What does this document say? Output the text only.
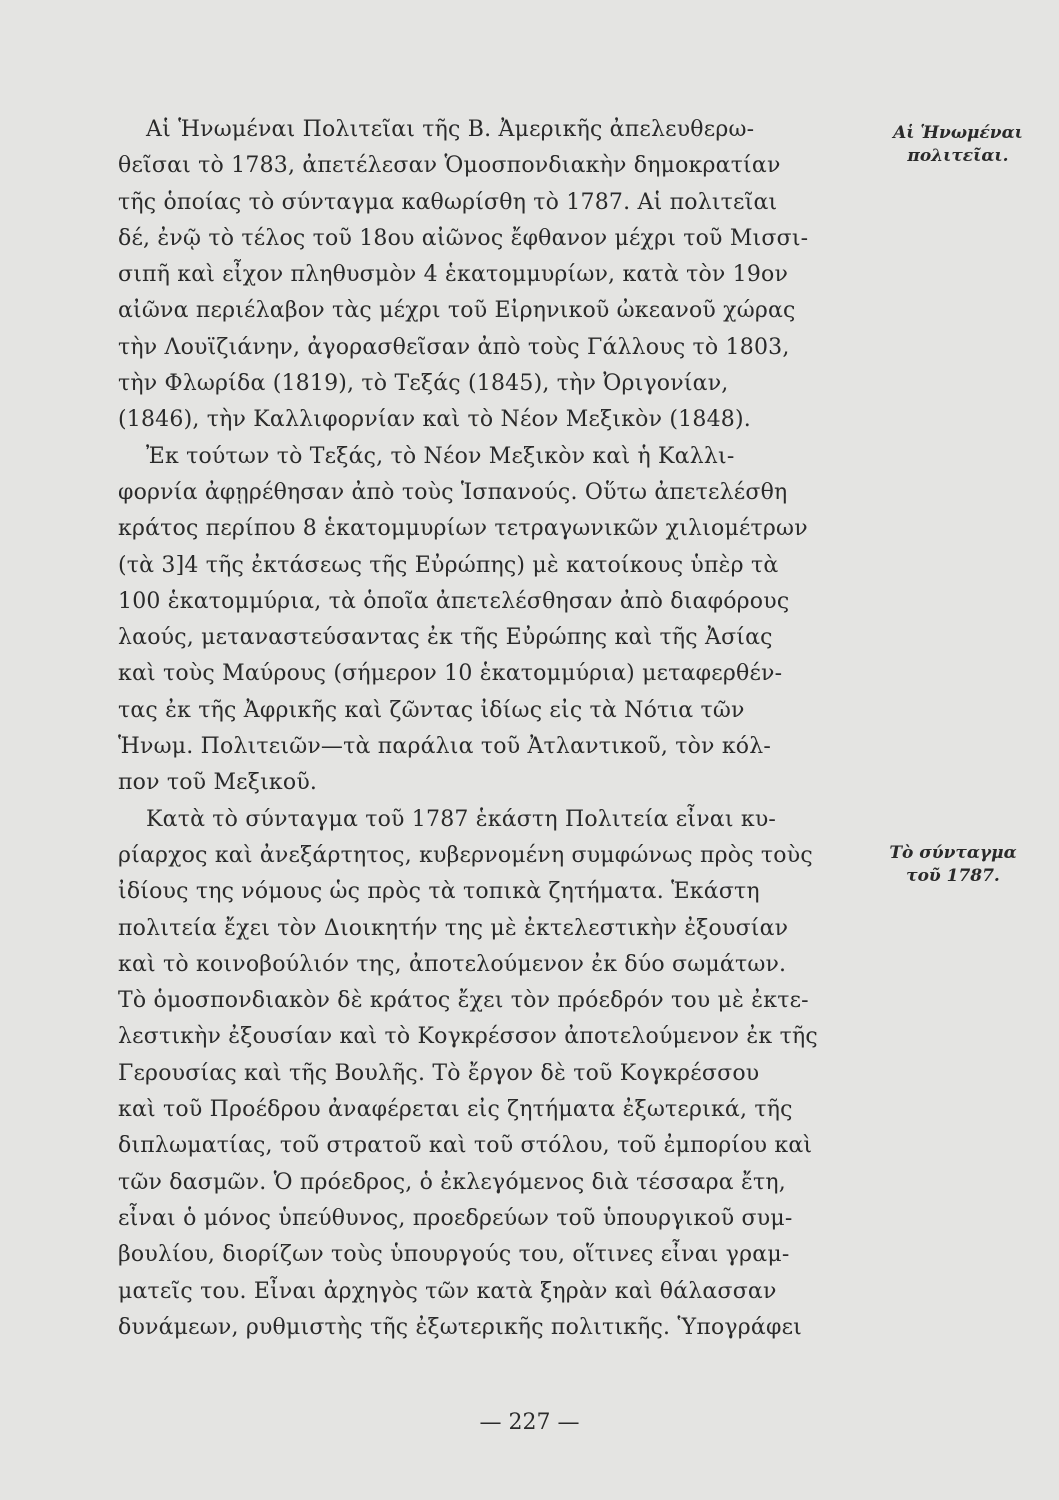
Αἱ Ἡνωμέναι Πολιτεῖαι τῆς Β. Ἀμερικῆς ἀπελευθερω-
θεῖσαι τὸ 1783, ἀπετέλεσαν Ὁμοσπονδιακὴν δημοκρατίαν
τῆς ὁποίας τὸ σύνταγμα καθωρίσθη τὸ 1787. Αἱ πολιτεῖαι
δέ, ἐνῷ τὸ τέλος τοῦ 18ου αἰῶνος ἔφθανον μέχρι τοῦ Μισσι-
σιπῆ καὶ εἶχον πληθυσμὸν 4 ἑκατομμυρίων, κατὰ τὸν 19ον
αἰῶνα περιέλαβον τὰς μέχρι τοῦ Εἰρηνικοῦ ὠκεανοῦ χώρας
τὴν Λουϊζιάνην, ἀγορασθεῖσαν ἀπὸ τοὺς Γάλλους τὸ 1803,
τὴν Φλωρίδα (1819), τὸ Τεξάς (1845), τὴν Ὀριγονίαν,
(1846), τὴν Καλλιφορνίαν καὶ τὸ Νέον Μεξικὸν (1848).
Ἐκ τούτων τὸ Τεξάς, τὸ Νέον Μεξικὸν καὶ ἡ Καλλι-
φορνία ἀφῃρέθησαν ἀπὸ τοὺς Ἱσπανούς. Οὕτω ἀπετελέσθη
κράτος περίπου 8 ἑκατομμυρίων τετραγωνικῶν χιλιομέτρων
(τὰ 3]4 τῆς ἐκτάσεως τῆς Εὐρώπης) μὲ κατοίκους ὑπὲρ τὰ
100 ἑκατομμύρια, τὰ ὁποῖα ἀπετελέσθησαν ἀπὸ διαφόρους
λαούς, μεταναστεύσαντας ἐκ τῆς Εὐρώπης καὶ τῆς Ἀσίας
καὶ τοὺς Μαύρους (σήμερον 10 ἑκατομμύρια) μεταφερθέν-
τας ἐκ τῆς Ἀφρικῆς καὶ ζῶντας ἰδίως εἰς τὰ Νότια τῶν
Ἡνωμ. Πολιτειῶν—τὰ παράλια τοῦ Ἀτλαντικοῦ, τὸν κόλ-
πον τοῦ Μεξικοῦ.
Κατὰ τὸ σύνταγμα τοῦ 1787 ἑκάστη Πολιτεία εἶναι κυ-
ρίαρχος καὶ ἀνεξάρτητος, κυβερνομένη συμφώνως πρὸς τοὺς
ἰδίους της νόμους ὡς πρὸς τὰ τοπικὰ ζητήματα. Ἑκάστη
πολιτεία ἔχει τὸν Διοικητήν της μὲ ἐκτελεστικὴν ἐξουσίαν
καὶ τὸ κοινοβούλιόν της, ἀποτελούμενον ἐκ δύο σωμάτων.
Τὸ ὁμοσπονδιακὸν δὲ κράτος ἔχει τὸν πρόεδρόν του μὲ ἐκτε-
λεστικὴν ἐξουσίαν καὶ τὸ Κογκρέσσον ἀποτελούμενον ἐκ τῆς
Γερουσίας καὶ τῆς Βουλῆς. Τὸ ἔργον δὲ τοῦ Κογκρέσσου
καὶ τοῦ Προέδρου ἀναφέρεται εἰς ζητήματα ἐξωτερικά, τῆς
διπλωματίας, τοῦ στρατοῦ καὶ τοῦ στόλου, τοῦ ἐμπορίου καὶ
τῶν δασμῶν. Ὁ πρόεδρος, ὁ ἐκλεγόμενος διὰ τέσσαρα ἔτη,
εἶναι ὁ μόνος ὑπεύθυνος, προεδρεύων τοῦ ὑπουργικοῦ συμ-
βουλίου, διορίζων τοὺς ὑπουργούς του, οἵτινες εἶναι γραμ-
ματεῖς του. Εἶναι ἀρχηγὸς τῶν κατὰ ξηρὰν καὶ θάλασσαν
δυνάμεων, ρυθμιστὴς τῆς ἐξωτερικῆς πολιτικῆς. Ὑπογράφει
Αἱ Ἡνωμέναι
πολιτεῖαι.
Τὸ σύνταγμα
τοῦ 1787.
— 227 —
